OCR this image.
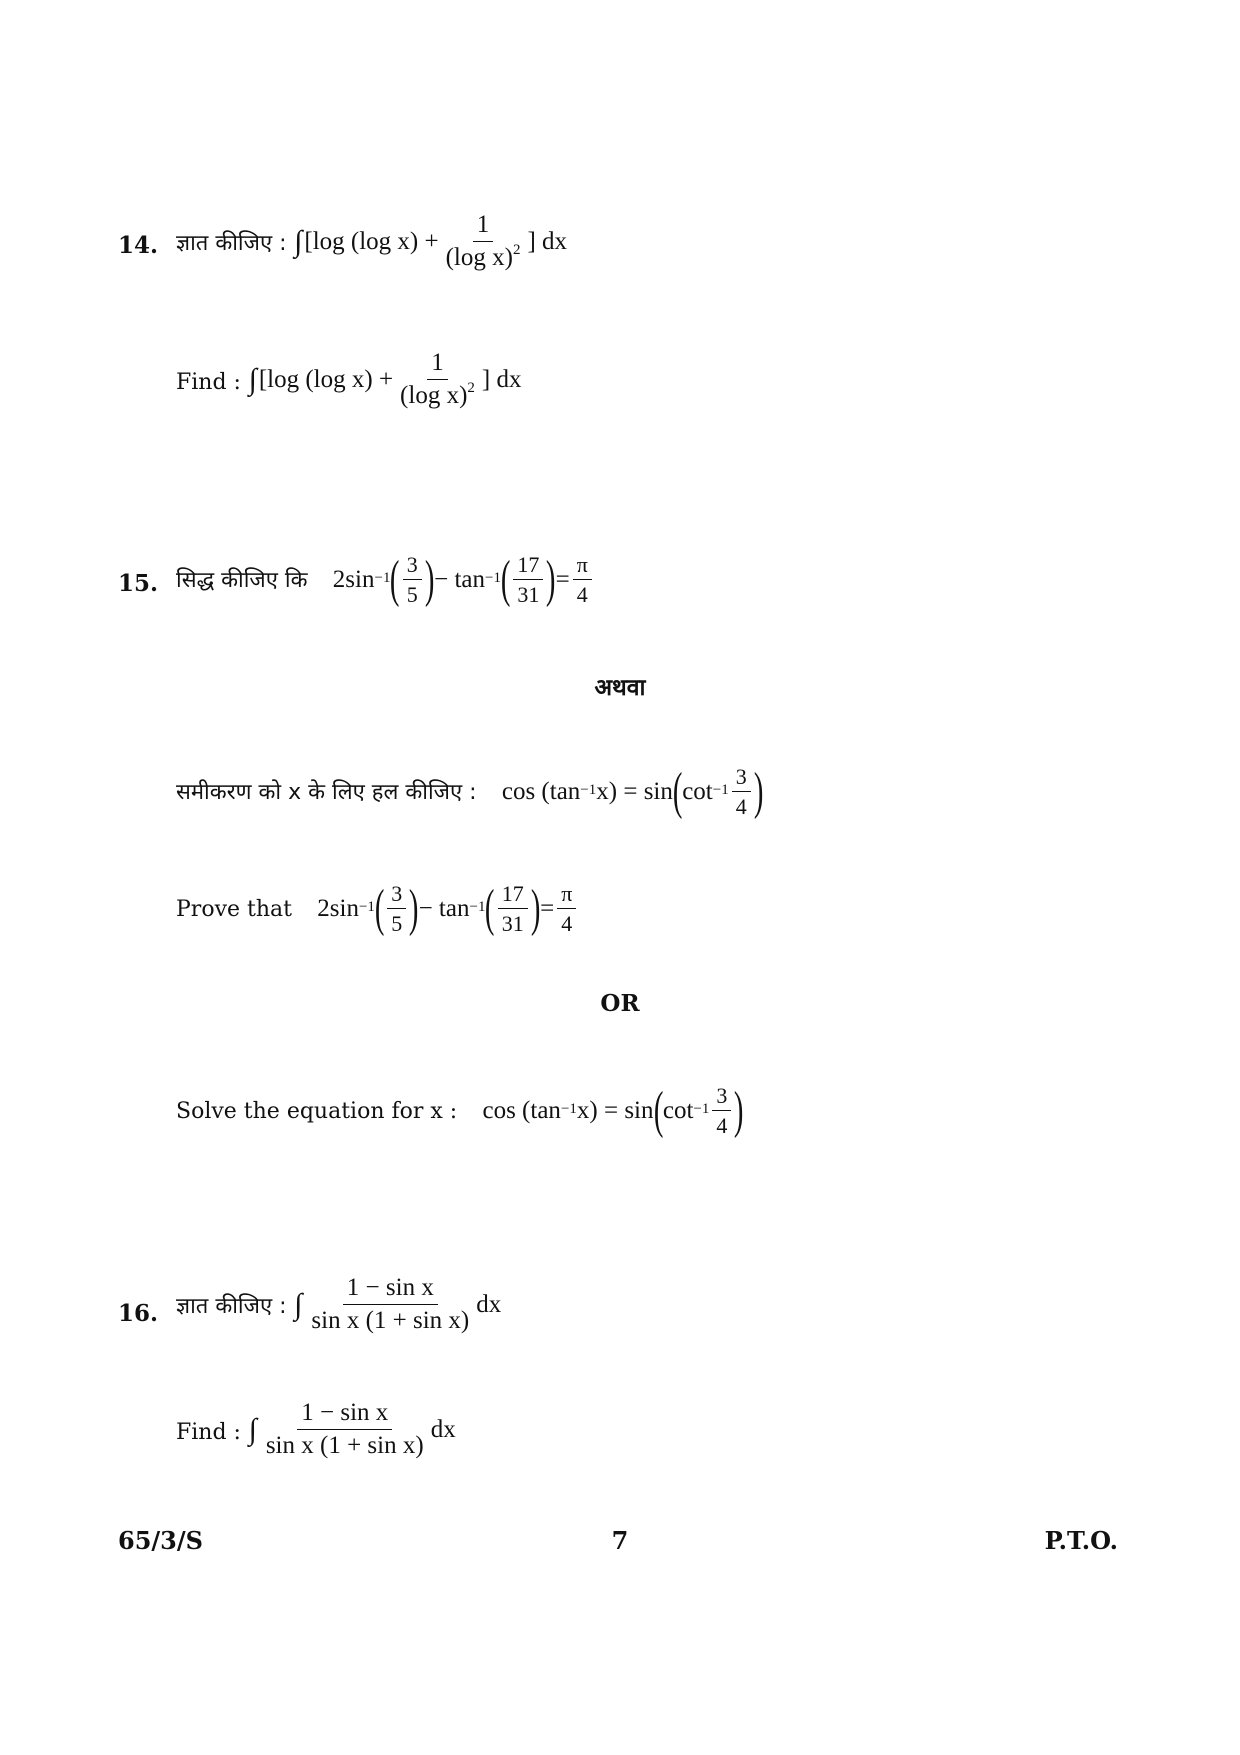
14. ज्ञात कीजिए : ∫ [log (log $x) + \frac{1}{(\log x)^2}$ ] dx
Find : ∫ [log (log $x) + \frac{1}{(\log x)^2}$ ] dx
15. सिद्ध कीजिए कि $2\sin^{-1}$ ( $\frac{3}{5}$ ) − $\tan^{-1}$ ( $\frac{17}{31}$ ) = $\frac{\pi}{4}$
अथवा
समीकरण को x के लिए हल कीजिए : $\cos (\tan^{-1}$ x) = sin ( $\cot^{-1} \frac{3}{4}$ )
Prove that $2\sin^{-1}$ ( $\frac{3}{5}$ ) − $\tan^{-1}$ ( $\frac{17}{31}$ ) = $\frac{\pi}{4}$
OR
Solve the equation for x : $\cos (\tan^{-1}$ x) = sin ( $\cot^{-1} \frac{3}{4}$ )
16. ज्ञात कीजिए : ∫ $\frac{\text{1 − sin x}}{\text{sin x (1 + sin x)}}$ dx
Find : ∫ $\frac{\text{1 − sin x}}{\text{sin x (1 + sin x)}}$ dx
65/3/S	7	P.T.O.
